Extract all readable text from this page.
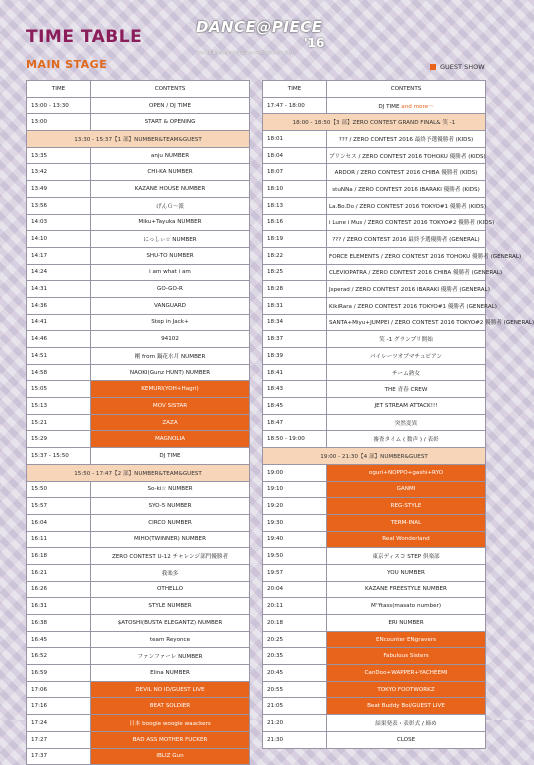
TIME TABLE
MAIN STAGE
DANCE@PIECE
'16
The 6th Breakdancing Dance Festival of the Year
GUEST SHOW
TIME	CONTENTS
13:00 - 13:30	OPEN / DJ TIME
13:00	START & OPENING
13:30 - 15:37【1 部】NUMBER&TEAM&GUEST	
13:35	anju NUMBER
13:42	CHI-KA NUMBER
13:49	KAZANE HOUSE NUMBER
13:56	げんＧ～派
14:03	Miku+Tayuka NUMBER
14:10	にっしぃ☆ NUMBER
14:17	SHU-TO NUMBER
14:24	i am what i am
14:31	GO-GO-R
14:36	VANGUARD
14:41	Step in Jack+
14:46	94102
14:51	剛 from 鍋花水月 NUMBER
14:58	NAOKI(Gunz HUNT) NUMBER
15:05	KEMURI(YOH+Hagri)
15:13	MOV SISTAR
15:21	ZAZA
15:29	MAGNOLIA
15:37 - 15:50	DJ TIME
15:50 - 17:47【2 部】NUMBER&TEAM&GUEST	
15:50	So-ki☆ NUMBER
15:57	SYO-5 NUMBER
16:04	CIRCO NUMBER
16:11	MIHO(TWINNER) NUMBER
16:18	ZERO CONTEST U-12 チャレンジ部門優勝者
16:21	我楽多
16:26	OTHELLO
16:31	STYLE NUMBER
16:38	$ATOSHI(BUSTA ELEGANTZ) NUMBER
16:45	team Reyonce
16:52	ファンファーレ NUMBER
16:59	Elina NUMBER
17:06	DEVIL NO ID/GUEST LIVE
17:16	BEAT SOLDIER
17:24	日本 boogie woogie waackers
17:27	BAD ASS MOTHER FUCKER
17:37	IBLIZ Gun
TIME	CONTENTS
17:47 - 18:00	DJ TIME and more～
18:00 - 18:50【3 部】ZERO CONTEST GRAND FINAL& 笑 -1	
18:01	??? / ZERO CONTEST 2016 最終予選優勝者 (KIDS)
18:04	プリンセス / ZERO CONTEST 2016 TOHOKU 優勝者 (KIDS)
18:07	ARDOR / ZERO CONTEST 2016 CHIBA 優勝者 (KIDS)
18:10	stuNNa / ZERO CONTEST 2016 IBARAKI 優勝者 (KIDS)
18:13	La.Bo.Do / ZERO CONTEST 2016 TOKYO#1 優勝者 (KIDS)
18:16	i Lune i Mus / ZERO CONTEST 2016 TOKYO#2 優勝者 (KIDS)
18:19	??? / ZERO CONTEST 2016 最終予選優勝者 (GENERAL)
18:22	FORCE ELEMENTS / ZERO CONTEST 2016 TOHOKU 優勝者 (GENERAL)
18:25	CLEVIOPATRA / ZERO CONTEST 2016 CHIBA 優勝者 (GENERAL)
18:28	Jsperad / ZERO CONTEST 2016 IBARAKI 優勝者 (GENERAL)
18:31	KikiRara / ZERO CONTEST 2016 TOKYO#1 優勝者 (GENERAL)
18:34	SANTA+Miyu+JUMPEI / ZERO CONTEST 2016 TOKYO#2 優勝者 (GENERAL)
18:37	笑 -1 グランプリ開始
18:39	パイレーツオブマチュピアン
18:41	チーム熟女
18:43	THE 青春 CREW
18:45	JET STREAM ATTACK!!!
18:47	突然変異
18:50 - 19:00	審査タイム ( 数声 ) / 表彰
19:00 - 21:30【4 部】NUMBER&GUEST	
19:00	oguri+NOPPO+gashi+RYO
19:10	GANMI
19:20	REG-STYLE
19:30	TERM-INAL
19:40	Real Wonderland
19:50	東京ディスコ STEP 倶楽部
19:57	YOU NUMBER
20:04	KAZANE FREESTYLE NUMBER
20:11	M''ftass(masato number)
20:18	ERI NUMBER
20:25	ENcounter ENgravers
20:35	Fabulous Sisters
20:45	CanDoo+WAPPER+YACHEEMI
20:55	TOKYO FOOTWORKZ
21:05	Beat Buddy Boi/GUEST LIVE
21:20	結果発表・表彰式 / 締め
21:30	CLOSE
